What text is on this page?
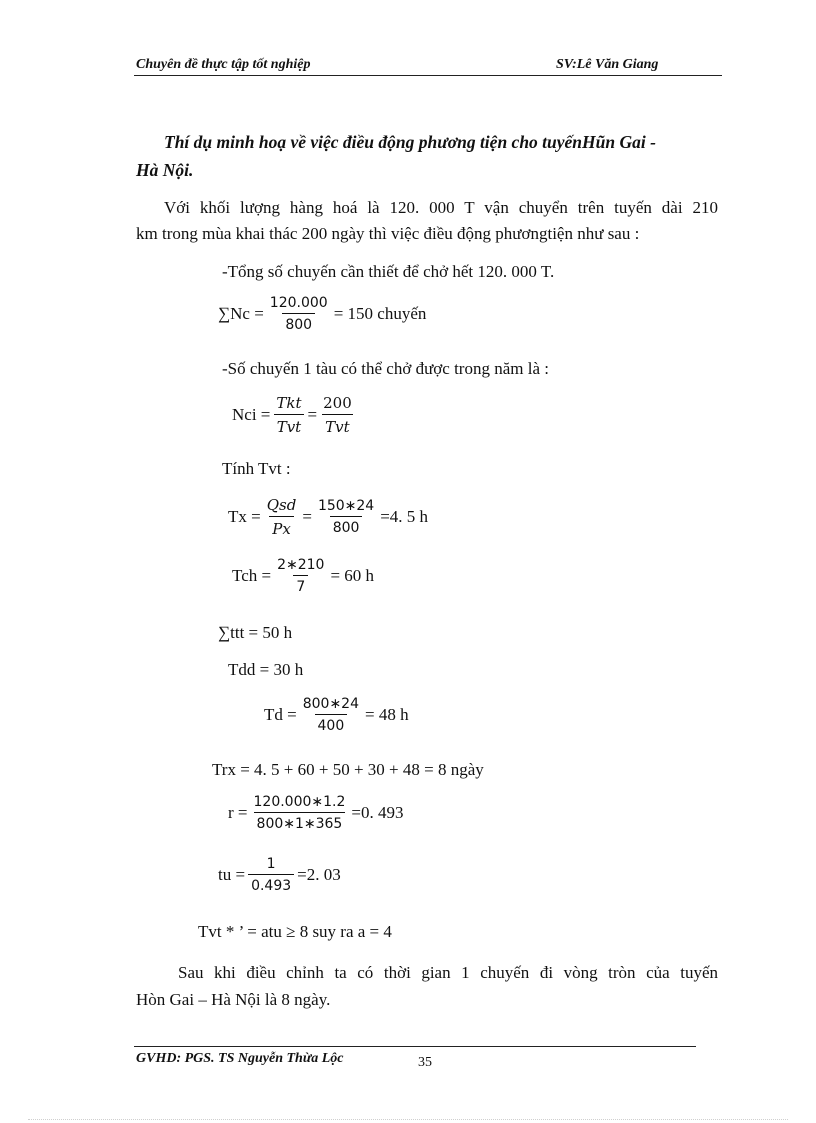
Chuyên đề thực tập tốt nghiệp	SV:Lê Văn Giang
Thí dụ minh hoạ về việc điều động phương tiện cho tuyếnHũn Gai -
Hà Nội.
Với khối lượng hàng hoá là 120. 000 T vận chuyển trên tuyến dài 210
km trong mùa khai thác 200 ngày thì việc điều động phươngtiện như sau :
-Tổng số chuyến cần thiết để chở hết 120. 000 T.
$\sum Nc = \frac{120.000}{800} = 150$ chuyến
-Số chuyến 1 tàu có thể chở được trong năm là :
Nci = $\frac{\text{Tkt}}{\text{Tvt}} = \frac{200}{\text{Tvt}}$
Tính Tvt :
$Tx = \frac{\text{Qsd}}{Px} = \frac{150∗24}{800} =4$. 5 h
Tch = $\frac{2∗210}{7} = 60$ h
∑ttt = 50 h
Tdd = 30 h
$Td = \frac{800∗24}{400} = 48$ h
Trx = 4. 5 + 60 + 50 + 30 + 48 = 8 ngày
$r = \frac{120.000∗1.2}{800∗1∗365} =0$. 493
tu = $\frac{1}{0.493} =2$. 03
Tvt * ’ = atu ≥ 8 suy ra a = 4
Sau khi điều chỉnh ta có thời gian 1 chuyến đi vòng tròn của tuyến
Hòn Gai – Hà Nội là 8 ngày.
GVHD: PGS. TS Nguyễn Thừa Lộc	35
